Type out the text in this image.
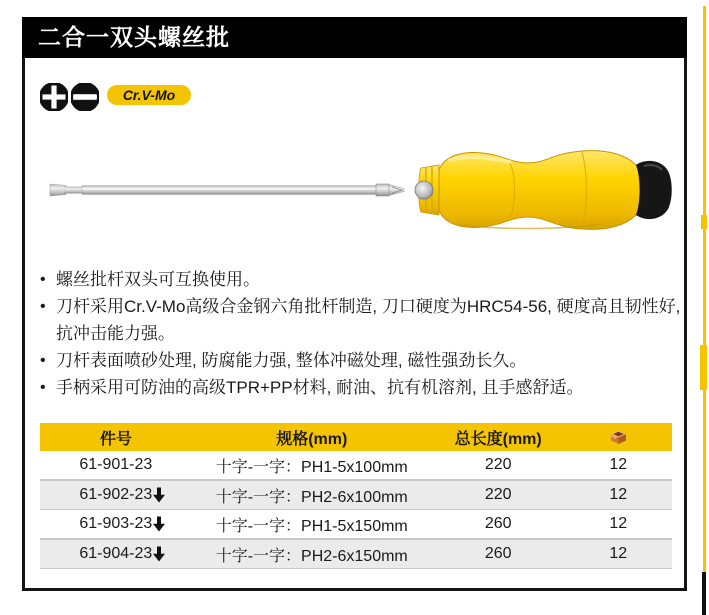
二合一双头螺丝批
Cr.V-Mo
• 螺丝批杆双头可互换使用。
• 刀杆采用Cr.V-Mo高级合金钢六角批杆制造, 刀口硬度为HRC54-56, 硬度高且韧性好, 抗冲击能力强。
• 刀杆表面喷砂处理, 防腐能力强, 整体冲磁处理, 磁性强劲长久。
• 手柄采用可防油的高级TPR+PP材料, 耐油、抗有机溶剂, 且手感舒适。
件号	规格(mm)	总长度(mm)
61-901-23	十字-一字：PH1-5x100mm	220	12
61-902-23	十字-一字：PH2-6x100mm	220	12
61-903-23	十字-一字：PH1-5x150mm	260	12
61-904-23	十字-一字：PH2-6x150mm	260	12
